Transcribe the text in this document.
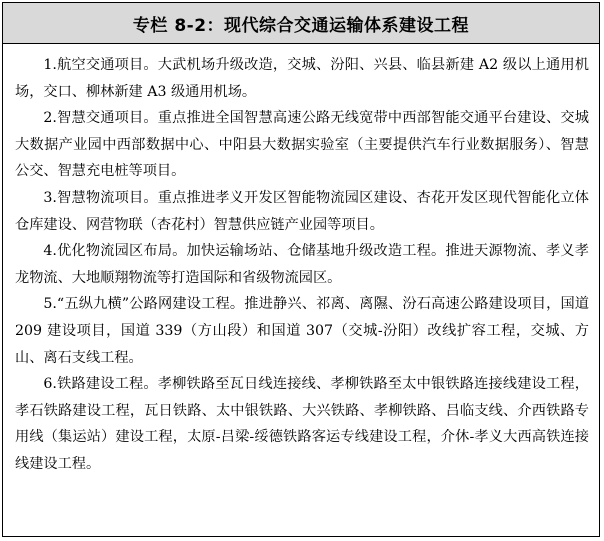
专栏 8-2：现代综合交通运输体系建设工程

1.航空交通项目。大武机场升级改造，交城、汾阳、兴县、临县新建 A2 级以上通用机场，交口、柳林新建 A3 级通用机场。

2.智慧交通项目。重点推进全国智慧高速公路无线宽带中西部智能交通平台建设、交城大数据产业园中西部数据中心、中阳县大数据实验室（主要提供汽车行业数据服务）、智慧公交、智慧充电桩等项目。

3.智慧物流项目。重点推进孝义开发区智能物流园区建设、杏花开发区现代智能化立体仓库建设、网营物联（杏花村）智慧供应链产业园等项目。

4.优化物流园区布局。加快运输场站、仓储基地升级改造工程。推进天源物流、孝义孝龙物流、大地顺翔物流等打造国际和省级物流园区。

5.“五纵九横”公路网建设工程。推进静兴、祁离、离隰、汾石高速公路建设项目，国道 209 建设项目，国道 339（方山段）和国道 307（交城-汾阳）改线扩容工程，交城、方山、离石支线工程。

6.铁路建设工程。孝柳铁路至瓦日线连接线、孝柳铁路至太中银铁路连接线建设工程，孝石铁路建设工程，瓦日铁路、太中银铁路、大兴铁路、孝柳铁路、吕临支线、介西铁路专用线（集运站）建设工程，太原-吕梁-绥德铁路客运专线建设工程，介休-孝义大西高铁连接线建设工程。
